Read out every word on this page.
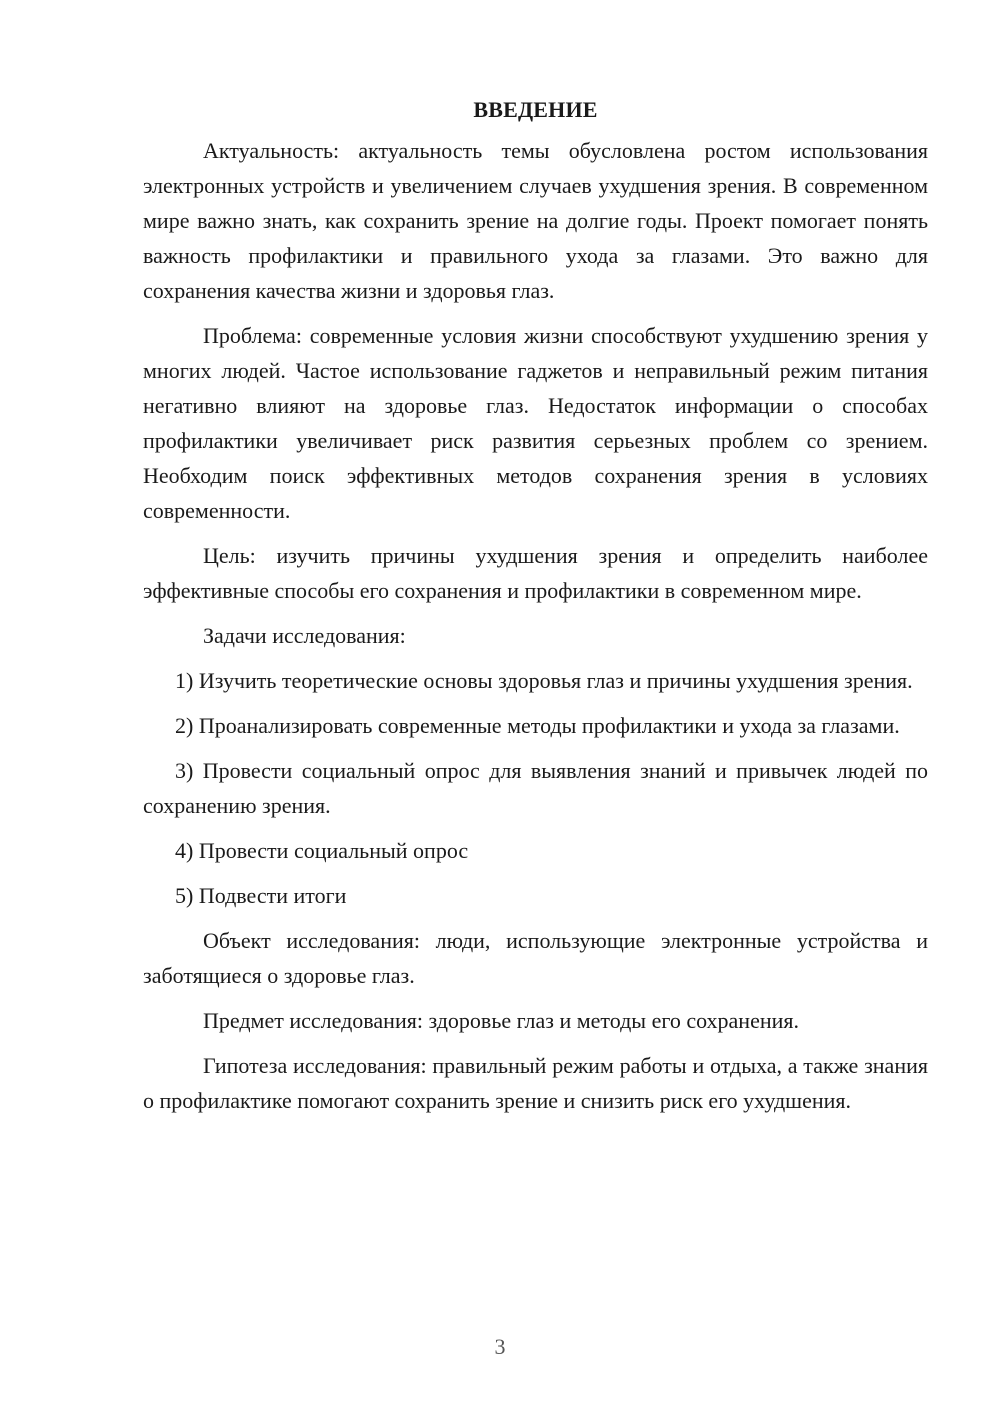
ВВЕДЕНИЕ

Актуальность: актуальность темы обусловлена ростом использования электронных устройств и увеличением случаев ухудшения зрения. В современном мире важно знать, как сохранить зрение на долгие годы. Проект помогает понять важность профилактики и правильного ухода за глазами. Это важно для сохранения качества жизни и здоровья глаз.

Проблема: современные условия жизни способствуют ухудшению зрения у многих людей. Частое использование гаджетов и неправильный режим питания негативно влияют на здоровье глаз. Недостаток информации о способах профилактики увеличивает риск развития серьезных проблем со зрением. Необходим поиск эффективных методов сохранения зрения в условиях современности.

Цель: изучить причины ухудшения зрения и определить наиболее эффективные способы его сохранения и профилактики в современном мире.

Задачи исследования:

1) Изучить теоретические основы здоровья глаз и причины ухудшения зрения.

2) Проанализировать современные методы профилактики и ухода за глазами.

3) Провести социальный опрос для выявления знаний и привычек людей по сохранению зрения.

4) Провести социальный опрос

5) Подвести итоги

Объект исследования: люди, использующие электронные устройства и заботящиеся о здоровье глаз.

Предмет исследования: здоровье глаз и методы его сохранения.

Гипотеза исследования: правильный режим работы и отдыха, а также знания о профилактике помогают сохранить зрение и снизить риск его ухудшения.

3
